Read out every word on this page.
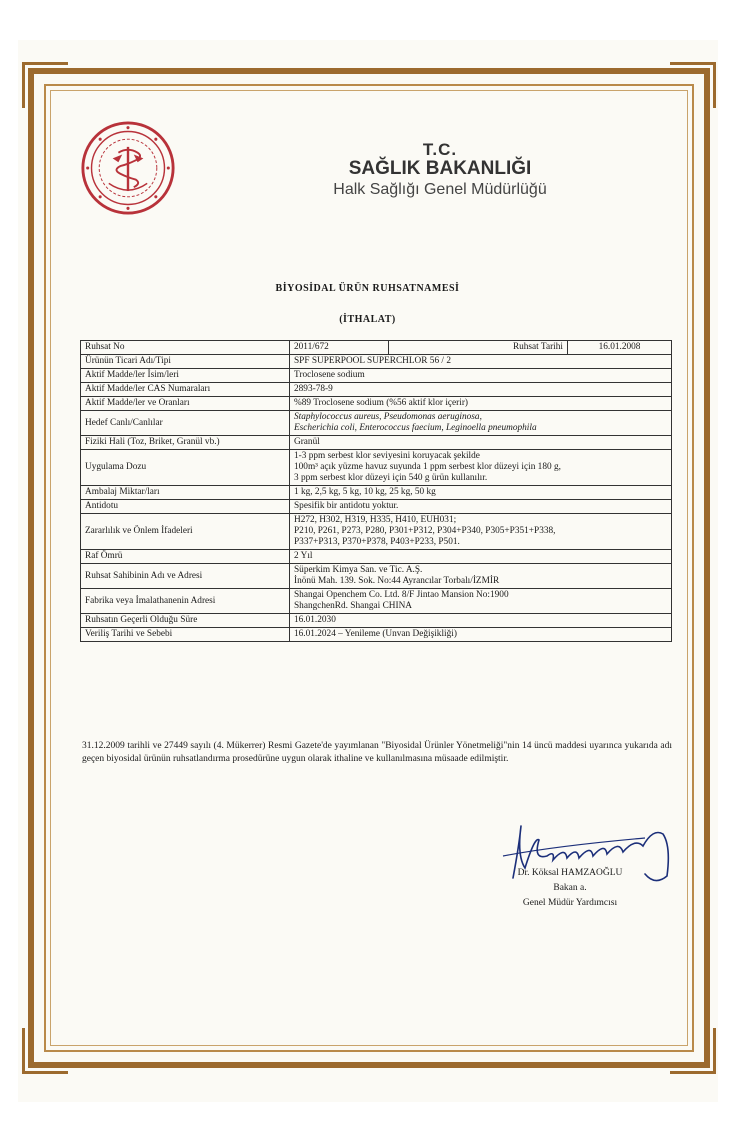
T.C.
SAĞLIK BAKANLIĞI
Halk Sağlığı Genel Müdürlüğü
BİYOSİDAL ÜRÜN RUHSATNAMESİ
(İTHALAT)
Ruhsat No	2011/672	Ruhsat Tarihi	16.01.2008
Ürünün Ticari Adı/Tipi	SPF SUPERPOOL SUPERCHLOR 56 / 2		

Aktif Madde/ler İsim/leri	Troclosene sodium		

Aktif Madde/ler CAS Numaraları	2893-78-9		

Aktif Madde/ler ve Oranları	%89 Troclosene sodium (%56 aktif klor içerir)		

Hedef Canlı/Canlılar	Staphylococcus aureus, Pseudomonas aeruginosa,
Escherichia coli, Enterococcus faecium, Leginoella pneumophila		

Fiziki Hali (Toz, Briket, Granül vb.)	Granül		

Uygulama Dozu	1-3 ppm serbest klor seviyesini koruyacak şekilde
100m³ açık yüzme havuz suyunda 1 ppm serbest klor düzeyi için 180 g,
3 ppm serbest klor düzeyi için 540 g ürün kullanılır.		

Ambalaj Miktar/ları	1 kg, 2,5 kg, 5 kg, 10 kg, 25 kg, 50 kg		

Antidotu	Spesifik bir antidotu yoktur.		

Zararlılık ve Önlem İfadeleri	H272, H302, H319, H335, H410, EUH031;
P210, P261, P273, P280, P301+P312, P304+P340, P305+P351+P338,
P337+P313, P370+P378, P403+P233, P501.		

Raf Ömrü	2 Yıl		

Ruhsat Sahibinin Adı ve Adresi	Süperkim Kimya San. ve Tic. A.Ş.
İnönü Mah. 139. Sok. No:44 Ayrancılar Torbalı/İZMİR		

Fabrika veya İmalathanenin Adresi	Shangai Openchem Co. Ltd. 8/F Jintao Mansion No:1900
ShangchenRd. Shangai CHINA		

Ruhsatın Geçerli Olduğu Süre	16.01.2030		

Veriliş Tarihi ve Sebebi	16.01.2024 – Yenileme (Unvan Değişikliği)		
31.12.2009 tarihli ve 27449 sayılı (4. Mükerrer) Resmi Gazete'de yayımlanan "Biyosidal Ürünler Yönetmeliği"nin 14 üncü maddesi uyarınca yukarıda adı geçen biyosidal ürünün ruhsatlandırma prosedürüne uygun olarak ithaline ve kullanılmasına müsaade edilmiştir.
Dr. Köksal HAMZAOĞLU
Bakan a.
Genel Müdür Yardımcısı
